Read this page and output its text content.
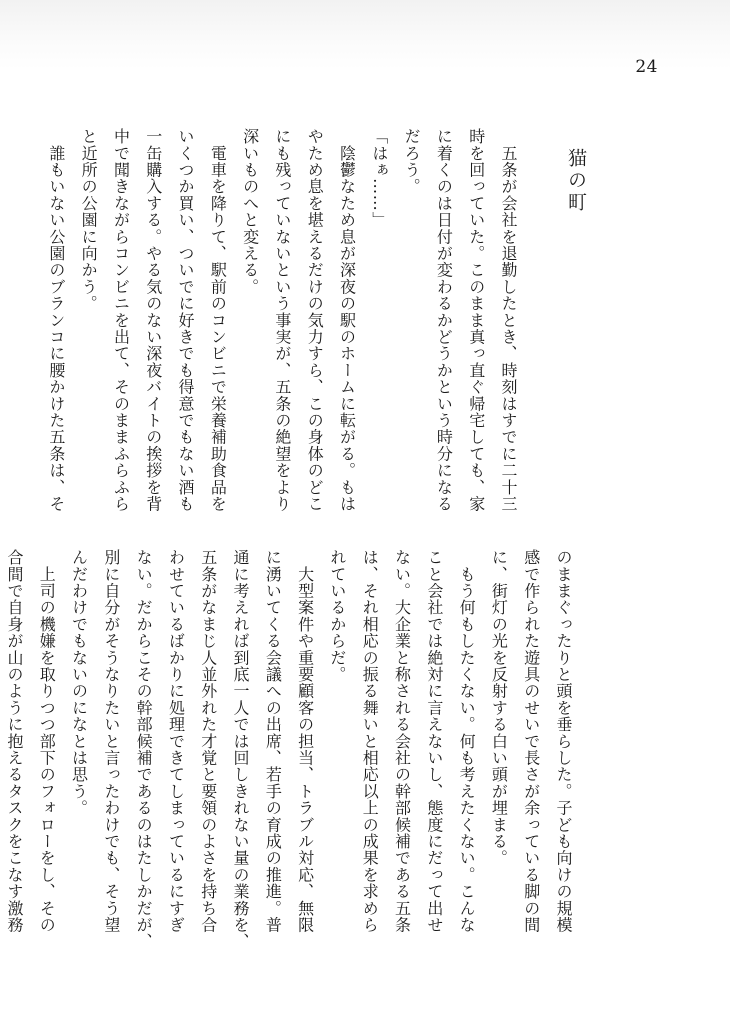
24
猫の町
　五条が会社を退勤したとき、時刻はすでに二十三
時を回っていた。このまま真っ直ぐ帰宅しても、家
に着くのは日付が変わるかどうかという時分になる
だろう。
「はぁ……」
　陰鬱なため息が深夜の駅のホームに転がる。もは
やため息を堪えるだけの気力すら、この身体のどこ
にも残っていないという事実が、五条の絶望をより
深いものへと変える。
　電車を降りて、駅前のコンビニで栄養補助食品を
いくつか買い、ついでに好きでも得意でもない酒も
一缶購入する。やる気のない深夜バイトの挨拶を背
中で聞きながらコンビニを出て、そのままふらふら
と近所の公園に向かう。
　誰もいない公園のブランコに腰かけた五条は、そ
のままぐったりと頭を垂らした。子ども向けの規模
感で作られた遊具のせいで長さが余っている脚の間
に、街灯の光を反射する白い頭が埋まる。
　もう何もしたくない。何も考えたくない。こんな
こと会社では絶対に言えないし、態度にだって出せ
ない。大企業と称される会社の幹部候補である五条
は、それ相応の振る舞いと相応以上の成果を求めら
れているからだ。
　大型案件や重要顧客の担当、トラブル対応、無限
に湧いてくる会議への出席、若手の育成の推進。普
通に考えれば到底一人では回しきれない量の業務を、
五条がなまじ人並外れた才覚と要領のよさを持ち合
わせているばかりに処理できてしまっているにすぎ
ない。だからこその幹部候補であるのはたしかだが、
別に自分がそうなりたいと言ったわけでも、そう望
んだわけでもないのになとは思う。
　上司の機嫌を取りつつ部下のフォローをし、その
合間で自身が山のように抱えるタスクをこなす激務
